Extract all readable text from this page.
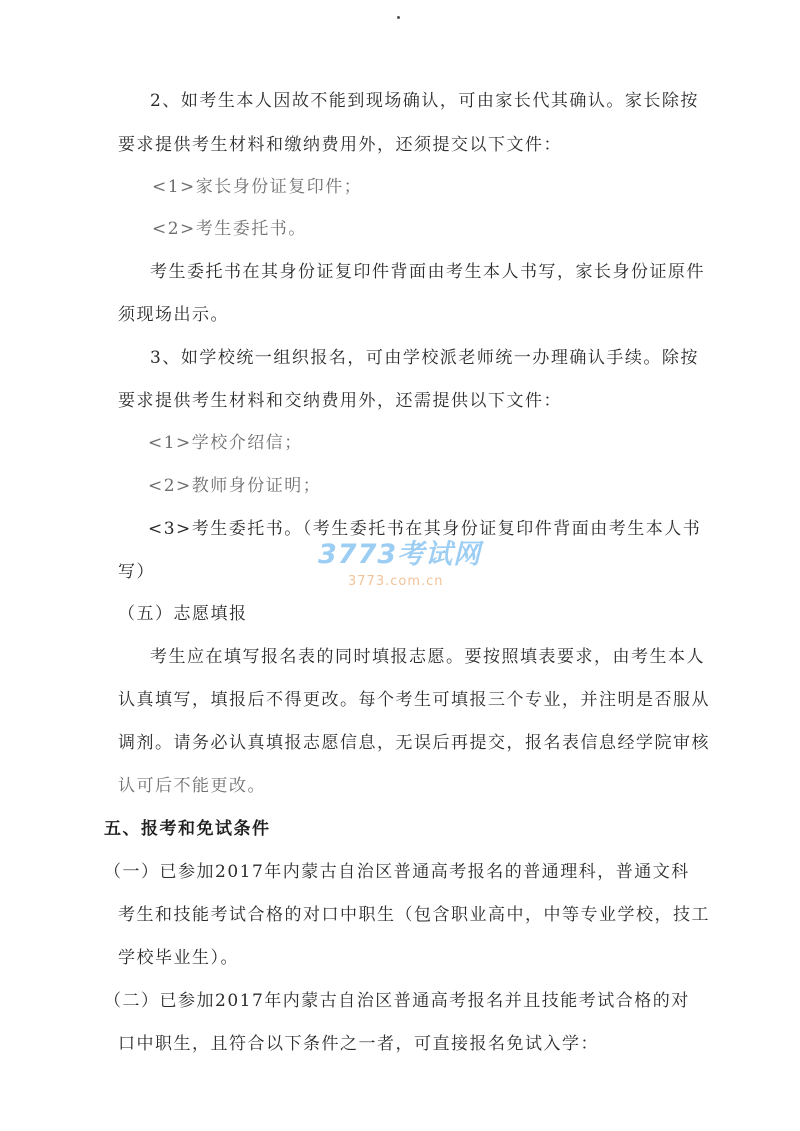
2、如考生本人因故不能到现场确认，可由家长代其确认。家长除按
要求提供考生材料和缴纳费用外，还须提交以下文件：
<1>家长身份证复印件；
<2>考生委托书。
考生委托书在其身份证复印件背面由考生本人书写，家长身份证原件
须现场出示。
3、如学校统一组织报名，可由学校派老师统一办理确认手续。除按
要求提供考生材料和交纳费用外，还需提供以下文件：
<1>学校介绍信；
<2>教师身份证明；
<3>考生委托书。（考生委托书在其身份证复印件背面由考生本人书
写）
（五）志愿填报
考生应在填写报名表的同时填报志愿。要按照填表要求，由考生本人
认真填写，填报后不得更改。每个考生可填报三个专业，并注明是否服从
调剂。请务必认真填报志愿信息，无误后再提交，报名表信息经学院审核
认可后不能更改。
五、报考和免试条件
（一）已参加2017年内蒙古自治区普通高考报名的普通理科，普通文科
考生和技能考试合格的对口中职生（包含职业高中，中等专业学校，技工
学校毕业生）。
（二）已参加2017年内蒙古自治区普通高考报名并且技能考试合格的对
口中职生，且符合以下条件之一者，可直接报名免试入学：
3773考试网
3773.com.cn
